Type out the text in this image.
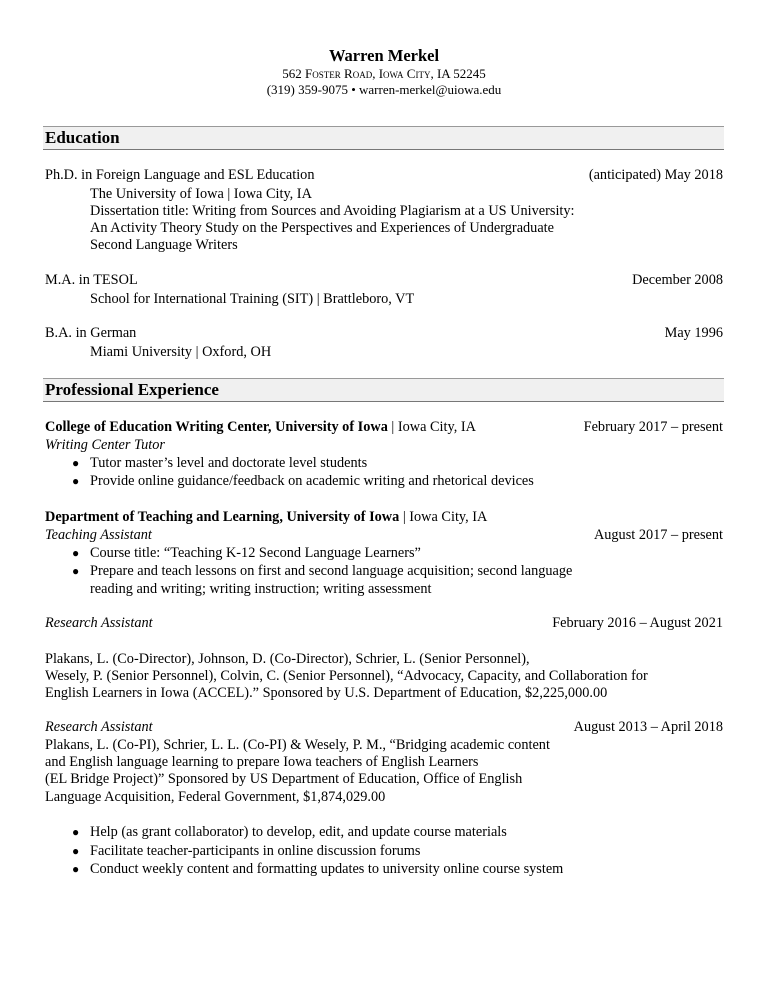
Warren Merkel
562 Foster Road, Iowa City, IA 52245
(319) 359-9075 • warren-merkel@uiowa.edu
Education
Ph.D. in Foreign Language and ESL Education	(anticipated) May 2018
The University of Iowa | Iowa City, IA
Dissertation title: Writing from Sources and Avoiding Plagiarism at a US University:
An Activity Theory Study on the Perspectives and Experiences of Undergraduate
Second Language Writers
M.A. in TESOL	December 2008
School for International Training (SIT) | Brattleboro, VT
B.A. in German	May 1996
Miami University | Oxford, OH
Professional Experience
College of Education Writing Center, University of Iowa | Iowa City, IA	February 2017 – present
Writing Center Tutor
● Tutor master’s level and doctorate level students
● Provide online guidance/feedback on academic writing and rhetorical devices
Department of Teaching and Learning, University of Iowa | Iowa City, IA
Teaching Assistant	August 2017 – present
● Course title: “Teaching K-12 Second Language Learners”
● Prepare and teach lessons on first and second language acquisition; second language
reading and writing; writing instruction; writing assessment
Research Assistant	February 2016 – August 2021
Plakans, L. (Co-Director), Johnson, D. (Co-Director), Schrier, L. (Senior Personnel),
Wesely, P. (Senior Personnel), Colvin, C. (Senior Personnel), “Advocacy, Capacity, and Collaboration for
English Learners in Iowa (ACCEL).” Sponsored by U.S. Department of Education, $2,225,000.00
Research Assistant	August 2013 – April 2018
Plakans, L. (Co-PI), Schrier, L. L. (Co-PI) & Wesely, P. M., “Bridging academic content
and English language learning to prepare Iowa teachers of English Learners
(EL Bridge Project)” Sponsored by US Department of Education, Office of English
Language Acquisition, Federal Government, $1,874,029.00
● Help (as grant collaborator) to develop, edit, and update course materials
● Facilitate teacher-participants in online discussion forums
● Conduct weekly content and formatting updates to university online course system
